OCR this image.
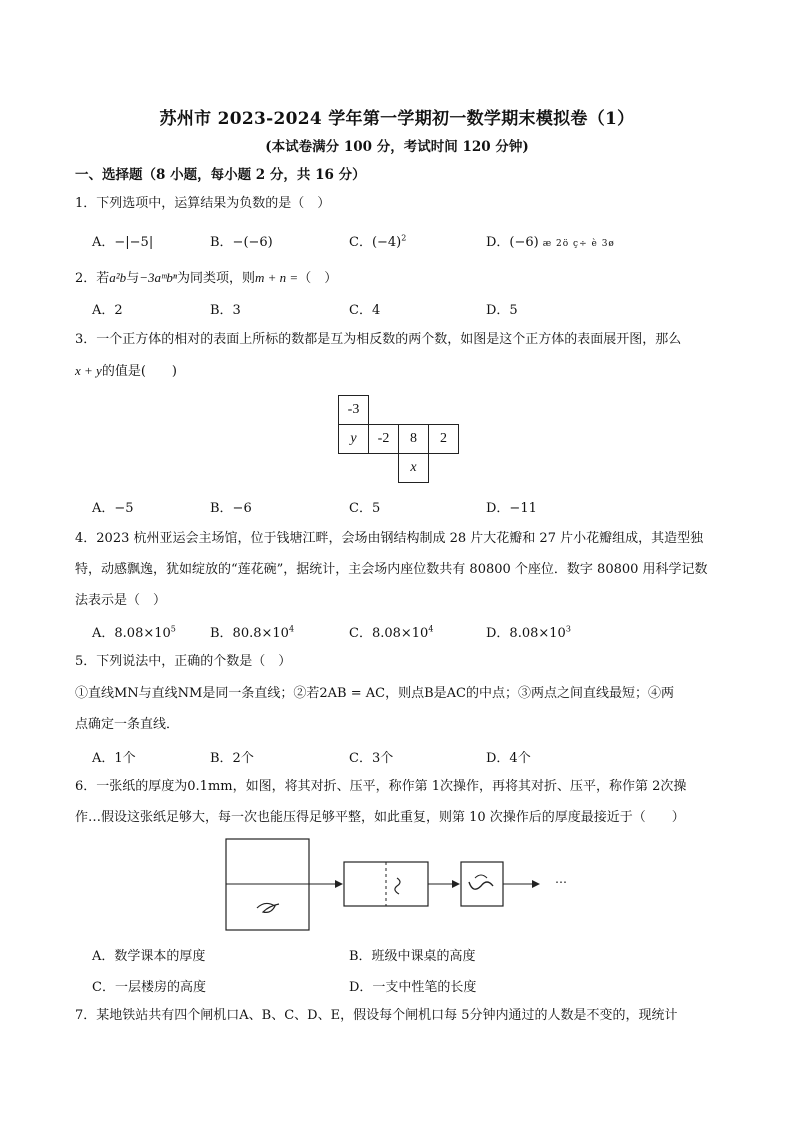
苏州市 2023-2024 学年第一学期初一数学期末模拟卷（1）
(本试卷满分 100 分，考试时间 120 分钟)
一、选择题（8 小题，每小题 2 分，共 16 分）
1．下列选项中，运算结果为负数的是（　）
A．−|−5|	B．−(−6)	C．$(-4)^2$	D．(−6) æ 2ö ç÷ è 3ø
2．若a²b与−3aᵐbⁿ为同类项，则m + n =（　）
A．2	B．3	C．4	D．5
3．一个正方体的相对的表面上所标的数都是互为相反数的两个数，如图是这个正方体的表面展开图，那么
x + y的值是(　　)
-3
y	-2	8	2
x
A．−5	B．−6	C．5	D．−11
4．2023 杭州亚运会主场馆，位于钱塘江畔，会场由钢结构制成 28 片大花瓣和 27 片小花瓣组成，其造型独
特，动感飘逸，犹如绽放的“莲花碗”，据统计，主会场内座位数共有 80800 个座位．数字 80800 用科学记数
法表示是（　）
A．$8.08\times 10^5$	B．$80.8\times 10^4$	C．$8.08\times 10^4$	D．$8.08\times 10^3$
5．下列说法中，正确的个数是（　）
①直线MN与直线NM是同一条直线；②若2AB = AC，则点B是AC的中点；③两点之间直线最短；④两
点确定一条直线．
A．1个	B．2个	C．3个	D．4个
6．一张纸的厚度为0.1mm，如图，将其对折、压平，称作第 1次操作，再将其对折、压平，称作第 2次操
作…假设这张纸足够大，每一次也能压得足够平整，如此重复，则第 10 次操作后的厚度最接近于（　　）
…
A．数学课本的厚度	B．班级中课桌的高度
C．一层楼房的高度	D．一支中性笔的长度
7．某地铁站共有四个闸机口A、B、C、D、E，假设每个闸机口每 5分钟内通过的人数是不变的，现统计
